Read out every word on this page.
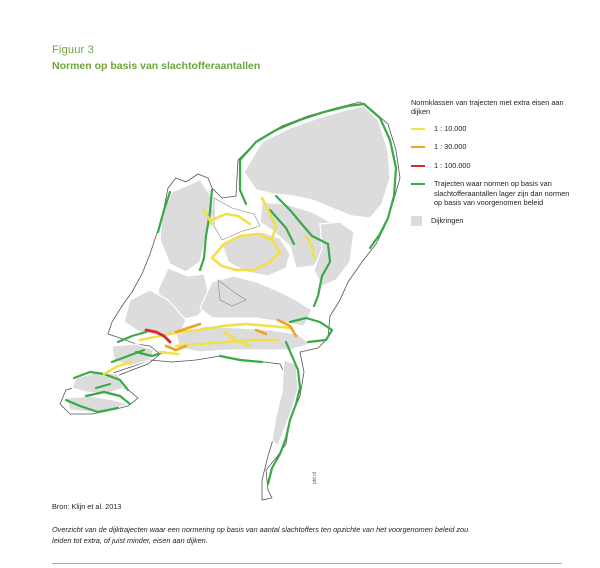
Figuur 3
Normen op basis van slachtofferaantallen
pbl.nl
Normklassen van trajecten met extra eisen aan dijken
1 : 10.000
1 : 30.000
1 : 100.000
Trajecten waar normen op basis van slachtofferaantallen lager zijn dan normen op basis van voorgenomen beleid
Dijkringen
Bron: Klijn et al. 2013
Overzicht van de dijktrajecten waar een normering op basis van aantal slachtoffers ten opzichte van het voorgenomen beleid zou leiden tot extra, of juist minder, eisen aan dijken.
